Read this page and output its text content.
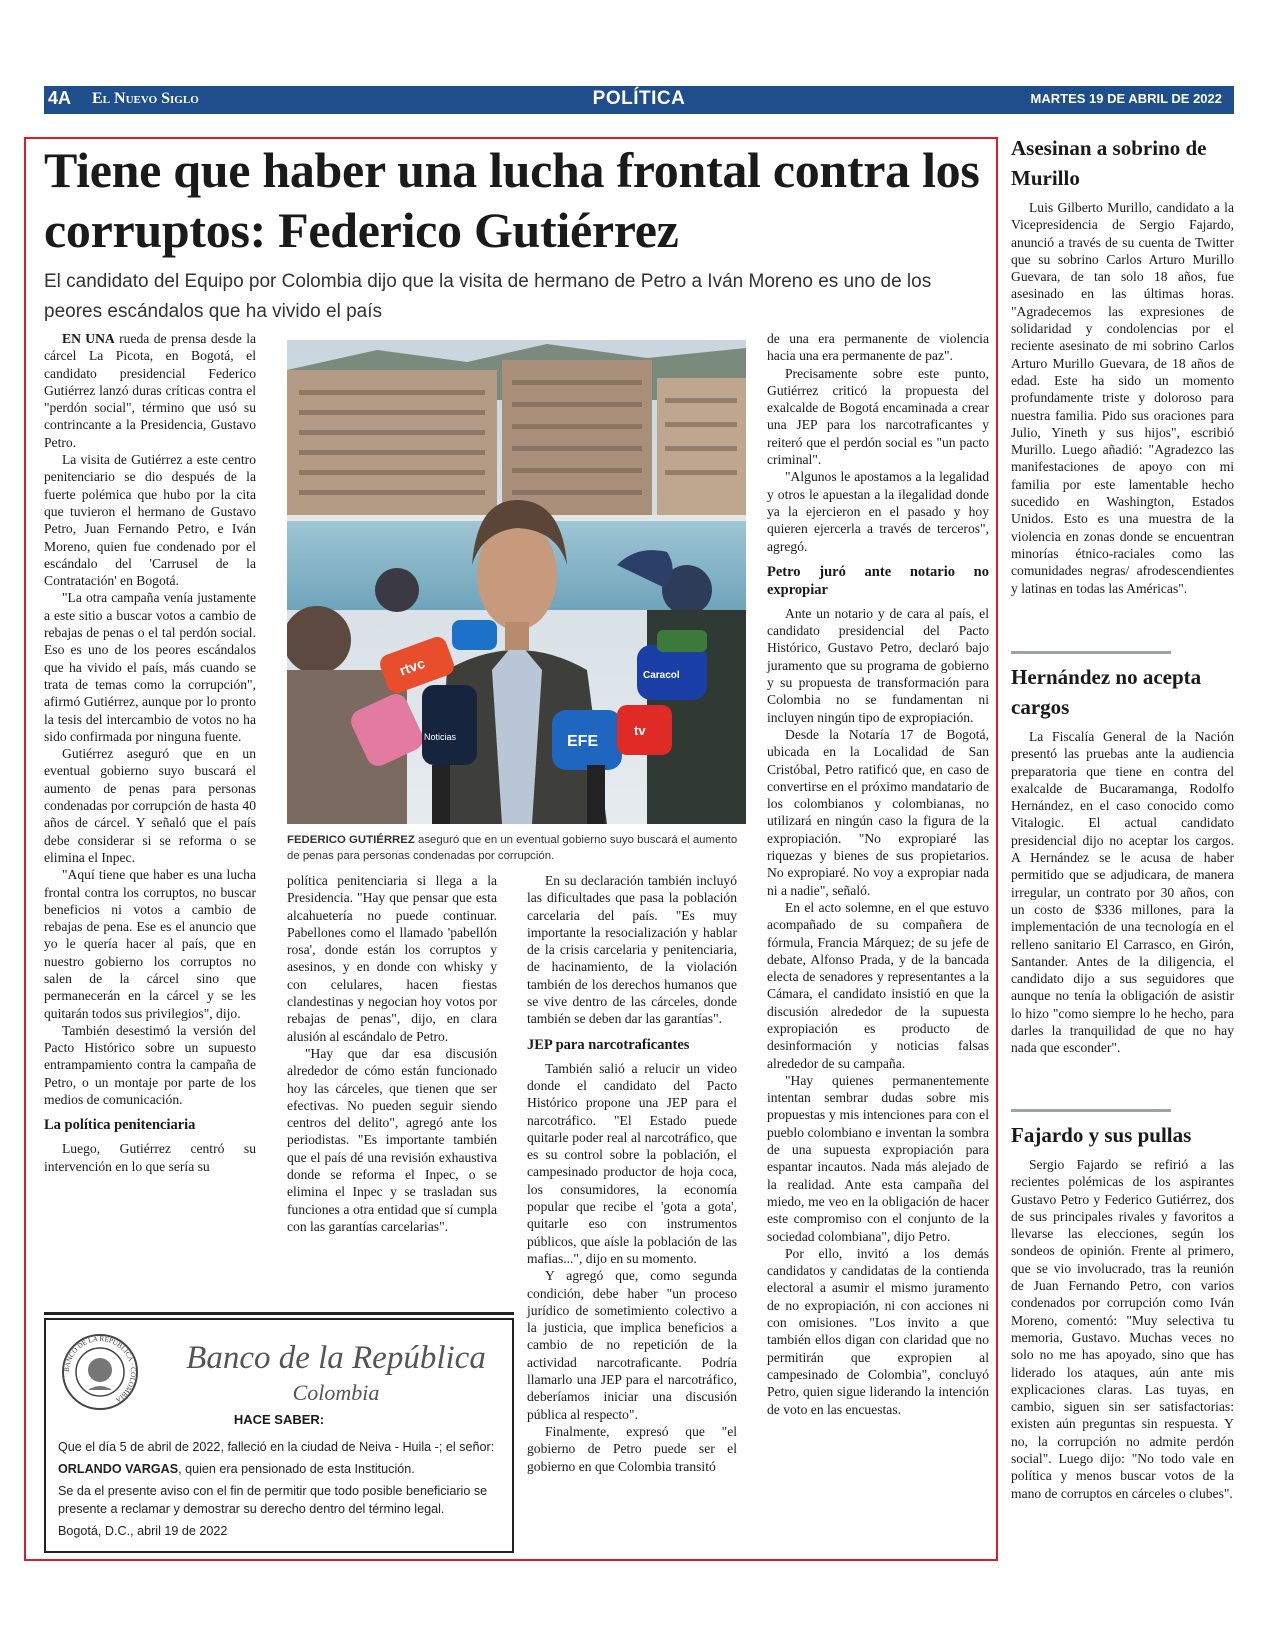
4A El Nuevo Siglo	POLÍTICA	MARTES 19 DE ABRIL DE 2022
Tiene que haber una lucha frontal contra los corruptos: Federico Gutiérrez

El candidato del Equipo por Colombia dijo que la visita de hermano de Petro a Iván Moreno es uno de los peores escándalos que ha vivido el país

EN UNA rueda de prensa desde la cárcel La Picota, en Bogotá, el candidato presidencial Federico Gutiérrez lanzó duras críticas contra el "perdón social", término que usó su contrincante a la Presidencia, Gustavo Petro.

La visita de Gutiérrez a este centro penitenciario se dio después de la fuerte polémica que hubo por la cita que tuvieron el hermano de Gustavo Petro, Juan Fernando Petro, e Iván Moreno, quien fue condenado por el escándalo del 'Carrusel de la Contratación' en Bogotá.

"La otra campaña venía justamente a este sitio a buscar votos a cambio de rebajas de penas o el tal perdón social. Eso es uno de los peores escándalos que ha vivido el país, más cuando se trata de temas como la corrupción", afirmó Gutiérrez, aunque por lo pronto la tesis del intercambio de votos no ha sido confirmada por ninguna fuente.

Gutiérrez aseguró que en un eventual gobierno suyo buscará el aumento de penas para personas condenadas por corrupción de hasta 40 años de cárcel. Y señaló que el país debe considerar si se reforma o se elimina el Inpec.

"Aquí tiene que haber es una lucha frontal contra los corruptos, no buscar beneficios ni votos a cambio de rebajas de pena. Ese es el anuncio que yo le quería hacer al país, que en nuestro gobierno los corruptos no salen de la cárcel sino que permanecerán en la cárcel y se les quitarán todos sus privilegios", dijo.

También desestimó la versión del Pacto Histórico sobre un supuesto entrampamiento contra la campaña de Petro, o un montaje por parte de los medios de comunicación.

La política penitenciaria

Luego, Gutiérrez centró su intervención en lo que sería su

rtvc
Noticias	EFE
tv
Caracol

FEDERICO GUTIÉRREZ aseguró que en un eventual gobierno suyo buscará el aumento de penas para personas condenadas por corrupción.

política penitenciaria si llega a la Presidencia. "Hay que pensar que esta alcahuetería no puede continuar. Pabellones como el llamado 'pabellón rosa', donde están los corruptos y asesinos, y en donde con whisky y con celulares, hacen fiestas clandestinas y negocian hoy votos por rebajas de penas", dijo, en clara alusión al escándalo de Petro.

"Hay que dar esa discusión alrededor de cómo están funcionado hoy las cárceles, que tienen que ser efectivas. No pueden seguir siendo centros del delito", agregó ante los periodistas. "Es importante también que el país dé una revisión exhaustiva donde se reforma el Inpec, o se elimina el Inpec y se trasladan sus funciones a otra entidad que sí cumpla con las garantías carcelarias".

En su declaración también incluyó las dificultades que pasa la población carcelaria del país. "Es muy importante la resocialización y hablar de la crisis carcelaria y penitenciaria, de hacinamiento, de la violación también de los derechos humanos que se vive dentro de las cárceles, donde también se deben dar las garantías".

JEP para narcotraficantes

También salió a relucir un video donde el candidato del Pacto Histórico propone una JEP para el narcotráfico. "El Estado puede quitarle poder real al narcotráfico, que es su control sobre la población, el campesinado productor de hoja coca, los consumidores, la economía popular que recibe el 'gota a gota', quitarle eso con instrumentos públicos, que aísle la población de las mafias...", dijo en su momento.

Y agregó que, como segunda condición, debe haber "un proceso jurídico de sometimiento colectivo a la justicia, que implica beneficios a cambio de no repetición de la actividad narcotraficante. Podría llamarlo una JEP para el narcotráfico, deberíamos iniciar una discusión pública al respecto".

Finalmente, expresó que "el gobierno de Petro puede ser el gobierno en que Colombia transitó

de una era permanente de violencia hacia una era permanente de paz".

Precisamente sobre este punto, Gutiérrez criticó la propuesta del exalcalde de Bogotá encaminada a crear una JEP para los narcotraficantes y reiteró que el perdón social es "un pacto criminal".

"Algunos le apostamos a la legalidad y otros le apuestan a la ilegalidad donde ya la ejercieron en el pasado y hoy quieren ejercerla a través de terceros", agregó.

Petro juró ante notario no expropiar

Ante un notario y de cara al país, el candidato presidencial del Pacto Histórico, Gustavo Petro, declaró bajo juramento que su programa de gobierno y su propuesta de transformación para Colombia no se fundamentan ni incluyen ningún tipo de expropiación.

Desde la Notaría 17 de Bogotá, ubicada en la Localidad de San Cristóbal, Petro ratificó que, en caso de convertirse en el próximo mandatario de los colombianos y colombianas, no utilizará en ningún caso la figura de la expropiación. "No expropiaré las riquezas y bienes de sus propietarios. No expropiaré. No voy a expropiar nada ni a nadie", señaló.

En el acto solemne, en el que estuvo acompañado de su compañera de fórmula, Francia Márquez; de su jefe de debate, Alfonso Prada, y de la bancada electa de senadores y representantes a la Cámara, el candidato insistió en que la discusión alrededor de la supuesta expropiación es producto de desinformación y noticias falsas alrededor de su campaña.

"Hay quienes permanentemente intentan sembrar dudas sobre mis propuestas y mis intenciones para con el pueblo colombiano e inventan la sombra de una supuesta expropiación para espantar incautos. Nada más alejado de la realidad. Ante esta campaña del miedo, me veo en la obligación de hacer este compromiso con el conjunto de la sociedad colombiana", dijo Petro.

Por ello, invitó a los demás candidatos y candidatas de la contienda electoral a asumir el mismo juramento de no expropiación, ni con acciones ni con omisiones. "Los invito a que también ellos digan con claridad que no permitirán que expropien al campesinado de Colombia", concluyó Petro, quien sigue liderando la intención de voto en las encuestas.

BANCO DE LA REPÚBLICA · COLOMBIA
Banco de la República
Colombia
HACE SABER:
Que el día 5 de abril de 2022, falleció en la ciudad de Neiva - Huila -; el señor:
ORLANDO VARGAS, quien era pensionado de esta Institución.
Se da el presente aviso con el fin de permitir que todo posible beneficiario se presente a reclamar y demostrar su derecho dentro del término legal.
Bogotá, D.C., abril 19 de 2022
Asesinan a sobrino de Murillo

Luis Gilberto Murillo, candidato a la Vicepresidencia de Sergio Fajardo, anunció a través de su cuenta de Twitter que su sobrino Carlos Arturo Murillo Guevara, de tan solo 18 años, fue asesinado en las últimas horas. "Agradecemos las expresiones de solidaridad y condolencias por el reciente asesinato de mi sobrino Carlos Arturo Murillo Guevara, de 18 años de edad. Este ha sido un momento profundamente triste y doloroso para nuestra familia. Pido sus oraciones para Julio, Yineth y sus hijos", escribió Murillo. Luego añadió: "Agradezco las manifestaciones de apoyo con mi familia por este lamentable hecho sucedido en Washington, Estados Unidos. Esto es una muestra de la violencia en zonas donde se encuentran minorías étnico-raciales como las comunidades negras/ afrodescendientes y latinas en todas las Américas".

Hernández no acepta cargos

La Fiscalía General de la Nación presentó las pruebas ante la audiencia preparatoria que tiene en contra del exalcalde de Bucaramanga, Rodolfo Hernández, en el caso conocido como Vitalogic. El actual candidato presidencial dijo no aceptar los cargos. A Hernández se le acusa de haber permitido que se adjudicara, de manera irregular, un contrato por 30 años, con un costo de $336 millones, para la implementación de una tecnología en el relleno sanitario El Carrasco, en Girón, Santander. Antes de la diligencia, el candidato dijo a sus seguidores que aunque no tenía la obligación de asistir lo hizo "como siempre lo he hecho, para darles la tranquilidad de que no hay nada que esconder".

Fajardo y sus pullas

Sergio Fajardo se refirió a las recientes polémicas de los aspirantes Gustavo Petro y Federico Gutiérrez, dos de sus principales rivales y favoritos a llevarse las elecciones, según los sondeos de opinión. Frente al primero, que se vio involucrado, tras la reunión de Juan Fernando Petro, con varios condenados por corrupción como Iván Moreno, comentó: "Muy selectiva tu memoria, Gustavo. Muchas veces no solo no me has apoyado, sino que has liderado los ataques, aún ante mis explicaciones claras. Las tuyas, en cambio, siguen sin ser satisfactorias: existen aún preguntas sin respuesta. Y no, la corrupción no admite perdón social". Luego dijo: "No todo vale en política y menos buscar votos de la mano de corruptos en cárceles o clubes".
